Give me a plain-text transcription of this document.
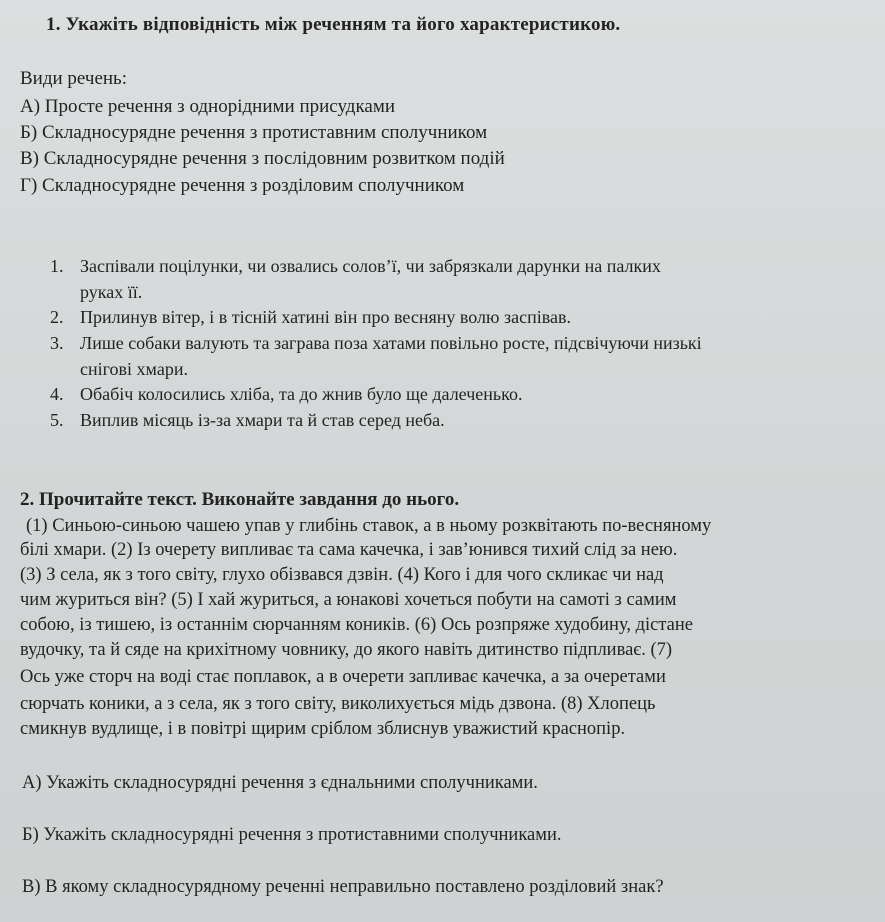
1. Укажіть відповідність між реченням та його характеристикою.
Види речень:
А) Просте речення з однорідними присудками
Б) Складносурядне речення з протиставним сполучником
В) Складносурядне речення з послідовним розвитком подій
Г) Складносурядне речення з розділовим сполучником
1. Заспівали поцілунки, чи озвались солов’ї, чи забрязкали дарунки на палких
руках її.
2. Прилинув вітер, і в тісній хатині він про весняну волю заспівав.
3. Лише собаки валують та заграва поза хатами повільно росте, підсвічуючи низькі
снігові хмари.
4. Обабіч колосились хліба, та до жнив було ще далеченько.
5. Виплив місяць із-за хмари та й став серед неба.
2. Прочитайте текст. Виконайте завдання до нього.
(1) Синьою-синьою чашею упав у глибінь ставок, а в ньому розквітають по-весняному
білі хмари. (2) Із очерету випливає та сама качечка, і зав’юнився тихий слід за нею.
(3) З села, як з того світу, глухо обізвався дзвін. (4) Кого і для чого скликає чи над
чим журиться він? (5) І хай журиться, а юнакові хочеться побути на самоті з самим
собою, із тишею, із останнім сюрчанням коників. (6) Ось розпряже худобину, дістане
вудочку, та й сяде на крихітному човнику, до якого навіть дитинство підпливає. (7)
Ось уже сторч на воді стає поплавок, а в очерети запливає качечка, а за очеретами
сюрчать коники, а з села, як з того світу, виколихується мідь дзвона. (8) Хлопець
смикнув вудлище, і в повітрі щирим сріблом зблиснув уважистий краснопір.
А) Укажіть складносурядні речення з єднальними сполучниками.
Б) Укажіть складносурядні речення з протиставними сполучниками.
В) В якому складносурядному реченні неправильно поставлено розділовий знак?
